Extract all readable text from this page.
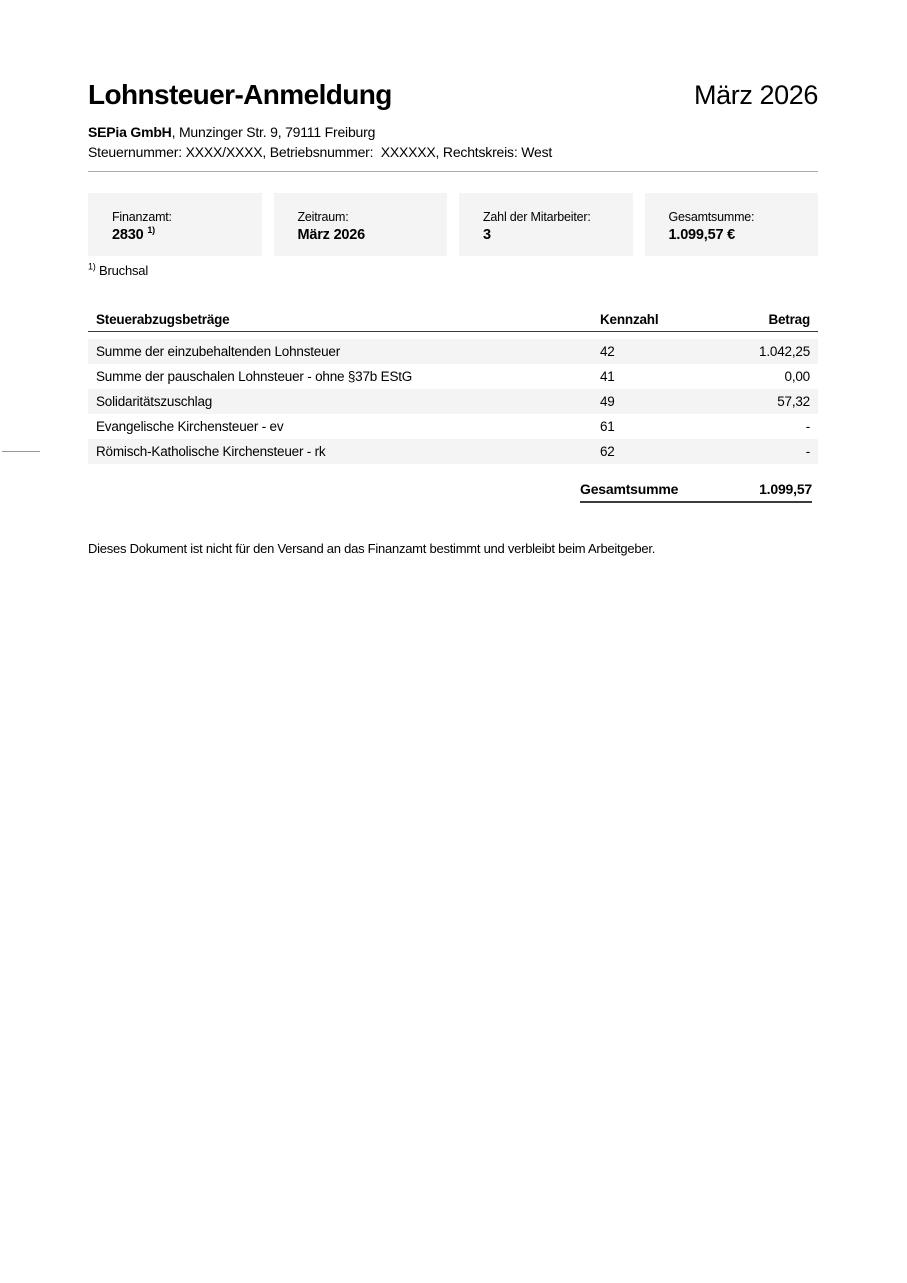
Lohnsteuer-Anmeldung	März 2026
SEPia GmbH, Munzinger Str. 9, 79111 Freiburg
Steuernummer: XXXX/XXXX, Betriebsnummer:  XXXXXX, Rechtskreis: West
Finanzamt:
2830 $^{1)}$
Zeitraum:
März 2026
Zahl der Mitarbeiter:
3
Gesamtsumme:
1.099,57 €
$^{1)}$ Bruchsal
Steuerabzugsbeträge	Kennzahl	Betrag
Summe der einzubehaltenden Lohnsteuer	42	1.042,25
Summe der pauschalen Lohnsteuer - ohne §37b EStG	41	0,00
Solidaritätszuschlag	49	57,32
Evangelische Kirchensteuer - ev	61	-
Römisch-Katholische Kirchensteuer - rk	62	-
Gesamtsumme	1.099,57
Dieses Dokument ist nicht für den Versand an das Finanzamt bestimmt und verbleibt beim Arbeitgeber.
